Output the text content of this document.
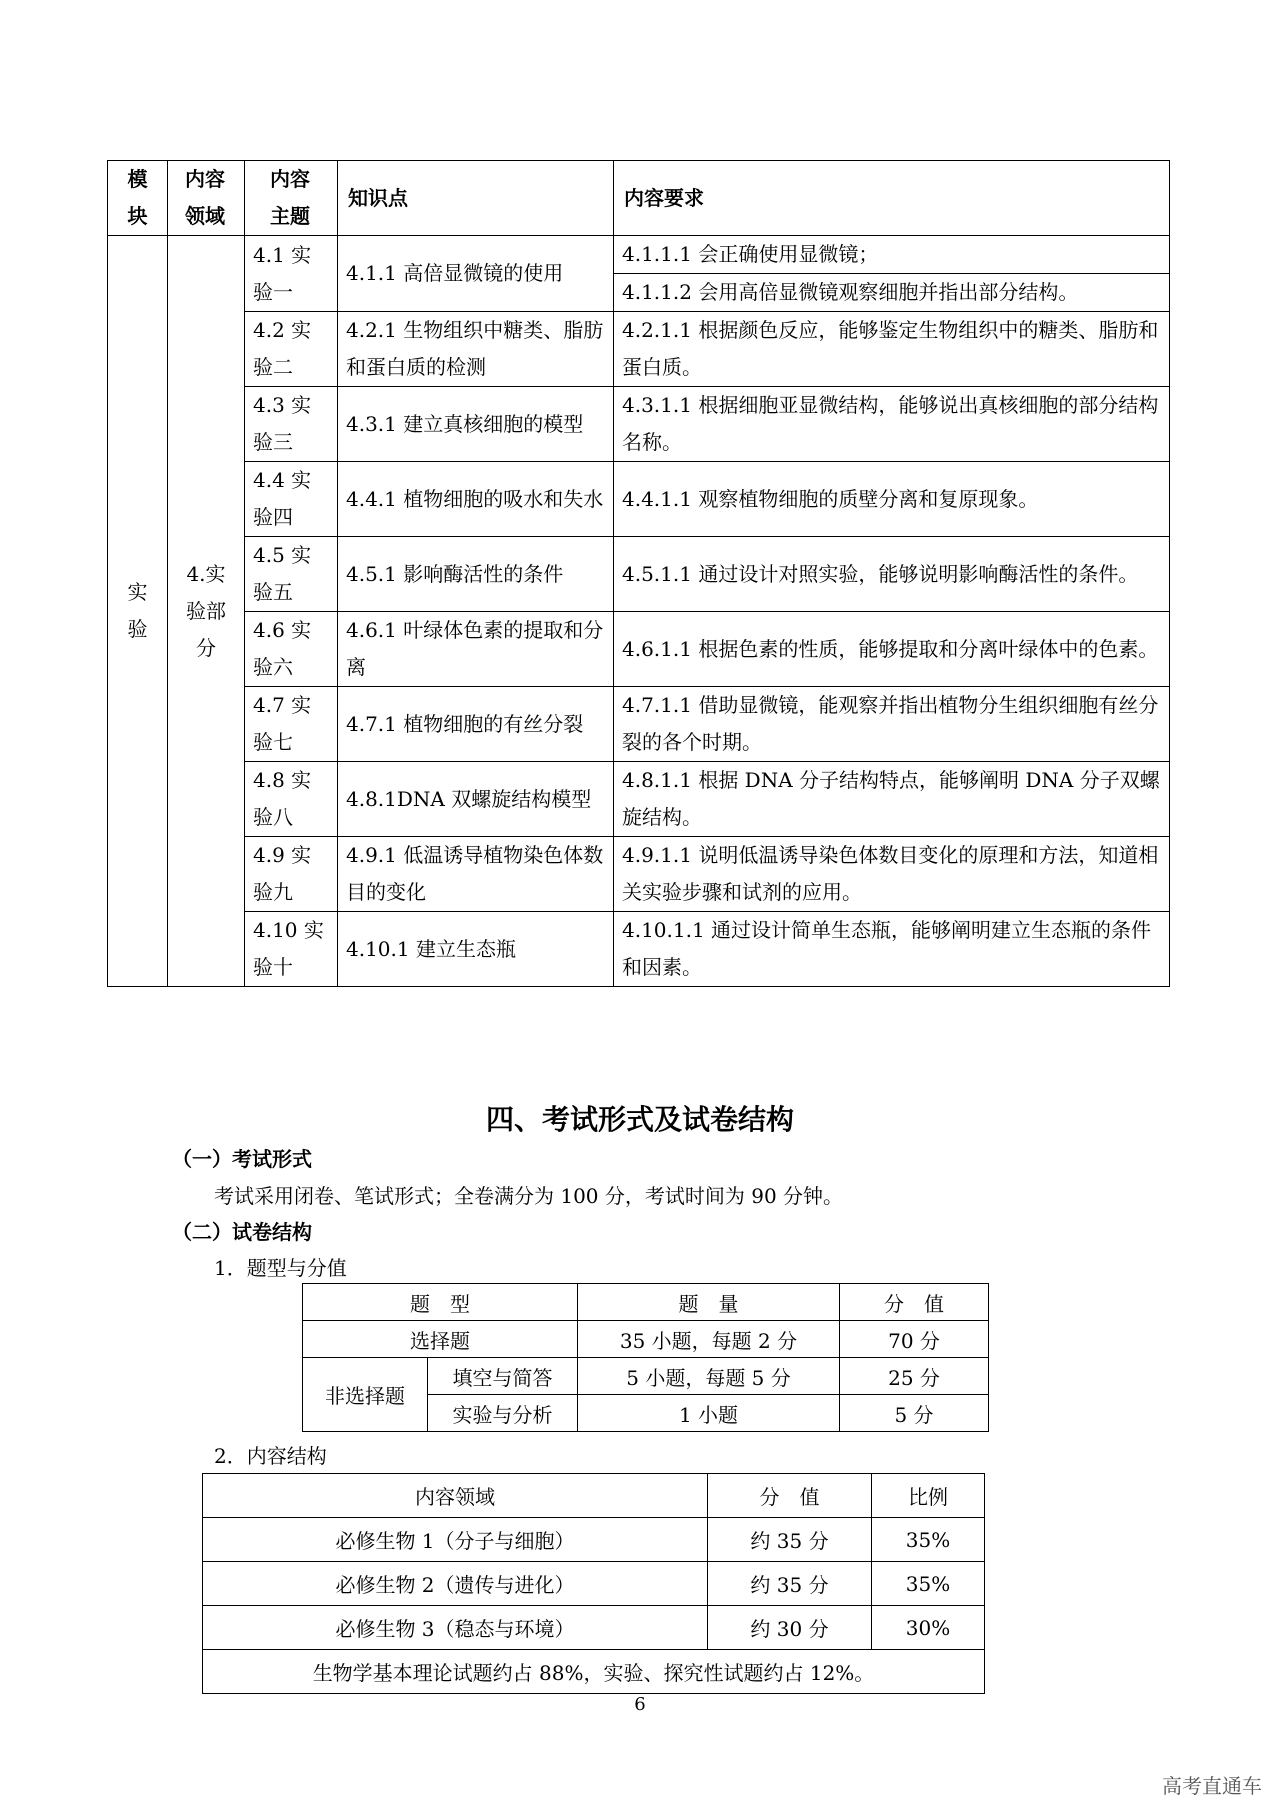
模块	内容领域	内容主题	知识点	内容要求
实验	4.实验部分	4.1 实验一	4.1.1 高倍显微镜的使用	4.1.1.1 会正确使用显微镜；
				4.1.1.2 会用高倍显微镜观察细胞并指出部分结构。
		4.2 实验二	4.2.1 生物组织中糖类、脂肪和蛋白质的检测	4.2.1.1 根据颜色反应，能够鉴定生物组织中的糖类、脂肪和蛋白质。
		4.3 实验三	4.3.1 建立真核细胞的模型	4.3.1.1 根据细胞亚显微结构，能够说出真核细胞的部分结构名称。
		4.4 实验四	4.4.1 植物细胞的吸水和失水	4.4.1.1 观察植物细胞的质壁分离和复原现象。
		4.5 实验五	4.5.1 影响酶活性的条件	4.5.1.1 通过设计对照实验，能够说明影响酶活性的条件。
		4.6 实验六	4.6.1 叶绿体色素的提取和分离	4.6.1.1 根据色素的性质，能够提取和分离叶绿体中的色素。
		4.7 实验七	4.7.1 植物细胞的有丝分裂	4.7.1.1 借助显微镜，能观察并指出植物分生组织细胞有丝分裂的各个时期。
		4.8 实验八	4.8.1DNA 双螺旋结构模型	4.8.1.1 根据 DNA 分子结构特点，能够阐明 DNA 分子双螺旋结构。
		4.9 实验九	4.9.1 低温诱导植物染色体数目的变化	4.9.1.1 说明低温诱导染色体数目变化的原理和方法，知道相关实验步骤和试剂的应用。
		4.10 实验十	4.10.1 建立生态瓶	4.10.1.1 通过设计简单生态瓶，能够阐明建立生态瓶的条件和因素。
四、考试形式及试卷结构
（一）考试形式
考试采用闭卷、笔试形式；全卷满分为 100 分，考试时间为 90 分钟。
（二）试卷结构
1．题型与分值
题　型		题　量	分　值
选择题		35 小题，每题 2 分	70 分
非选择题	填空与简答	5 小题，每题 5 分	25 分
	实验与分析	1 小题	5 分
2．内容结构
内容领域	分　值	比例
必修生物 1（分子与细胞）	约 35 分	35%
必修生物 2（遗传与进化）	约 35 分	35%
必修生物 3（稳态与环境）	约 30 分	30%
生物学基本理论试题约占 88%，实验、探究性试题约占 12%。		
6
高考直通车
